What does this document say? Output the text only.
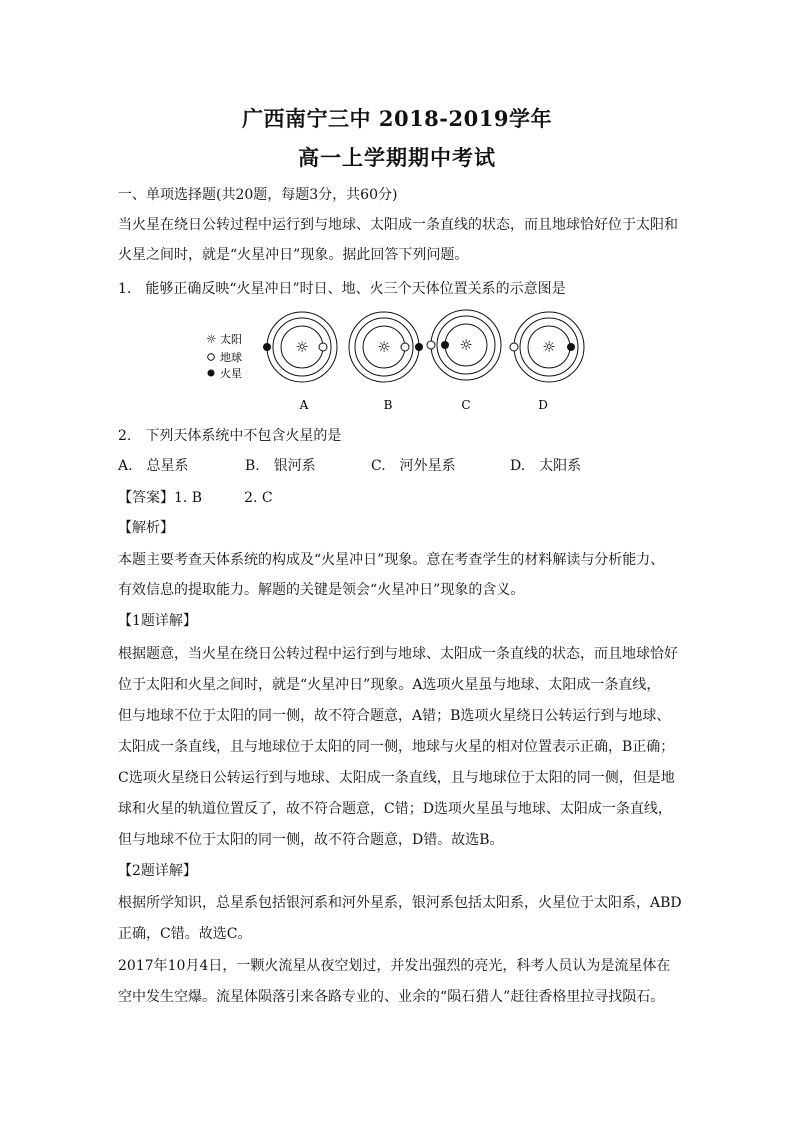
广西南宁三中 2018-2019学年
高一上学期期中考试
一、单项选择题(共20题，每题3分，共60分)
当火星在绕日公转过程中运行到与地球、太阳成一条直线的状态，而且地球恰好位于太阳和
火星之间时，就是“火星冲日”现象。据此回答下列问题。
1.　能够正确反映“火星冲日”时日、地、火三个天体位置关系的示意图是
☼ 太阳
地球
火星
☼
A
☼
B
☼
C
☼
D
2.　下列天体系统中不包含火星的是
A.　总星系	B.　银河系	C.　河外星系	D.　太阳系
【答案】1. B　　　2. C
【解析】
本题主要考查天体系统的构成及“火星冲日”现象。意在考查学生的材料解读与分析能力、
有效信息的提取能力。解题的关键是领会“火星冲日”现象的含义。
【1题详解】
根据题意，当火星在绕日公转过程中运行到与地球、太阳成一条直线的状态，而且地球恰好
位于太阳和火星之间时，就是“火星冲日”现象。A选项火星虽与地球、太阳成一条直线，
但与地球不位于太阳的同一侧，故不符合题意，A错；B选项火星绕日公转运行到与地球、
太阳成一条直线，且与地球位于太阳的同一侧，地球与火星的相对位置表示正确，B正确；
C选项火星绕日公转运行到与地球、太阳成一条直线，且与地球位于太阳的同一侧，但是地
球和火星的轨道位置反了，故不符合题意，C错；D选项火星虽与地球、太阳成一条直线，
但与地球不位于太阳的同一侧，故不符合题意，D错。故选B。
【2题详解】
根据所学知识，总星系包括银河系和河外星系，银河系包括太阳系，火星位于太阳系，ABD
正确，C错。故选C。
2017年10月4日，一颗火流星从夜空划过，并发出强烈的亮光，科考人员认为是流星体在
空中发生空爆。流星体陨落引来各路专业的、业余的“陨石猎人”赶往香格里拉寻找陨石。
